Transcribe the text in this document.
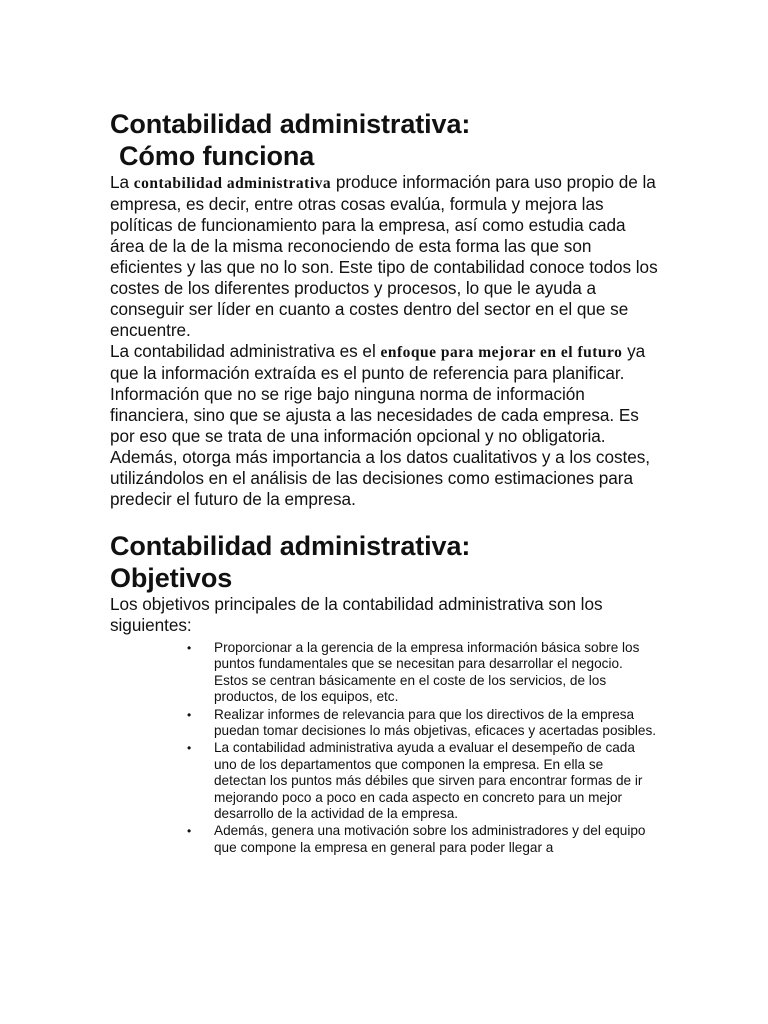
Contabilidad administrativa:
Cómo funciona

La contabilidad administrativa produce información para uso propio de la empresa, es decir, entre otras cosas evalúa, formula y mejora las políticas de funcionamiento para la empresa, así como estudia cada área de la de la misma reconociendo de esta forma las que son eficientes y las que no lo son. Este tipo de contabilidad conoce todos los costes de los diferentes productos y procesos, lo que le ayuda a conseguir ser líder en cuanto a costes dentro del sector en el que se encuentre.

La contabilidad administrativa es el enfoque para mejorar en el futuro ya que la información extraída es el punto de referencia para planificar. Información que no se rige bajo ninguna norma de información financiera, sino que se ajusta a las necesidades de cada empresa. Es por eso que se trata de una información opcional y no obligatoria. Además, otorga más importancia a los datos cualitativos y a los costes, utilizándolos en el análisis de las decisiones como estimaciones para predecir el futuro de la empresa.

Contabilidad administrativa:
Objetivos

Los objetivos principales de la contabilidad administrativa son los siguientes:

• Proporcionar a la gerencia de la empresa información básica sobre los puntos fundamentales que se necesitan para desarrollar el negocio. Estos se centran básicamente en el coste de los servicios, de los productos, de los equipos, etc.
• Realizar informes de relevancia para que los directivos de la empresa puedan tomar decisiones lo más objetivas, eficaces y acertadas posibles.
• La contabilidad administrativa ayuda a evaluar el desempeño de cada uno de los departamentos que componen la empresa. En ella se detectan los puntos más débiles que sirven para encontrar formas de ir mejorando poco a poco en cada aspecto en concreto para un mejor desarrollo de la actividad de la empresa.
• Además, genera una motivación sobre los administradores y del equipo que compone la empresa en general para poder llegar a
